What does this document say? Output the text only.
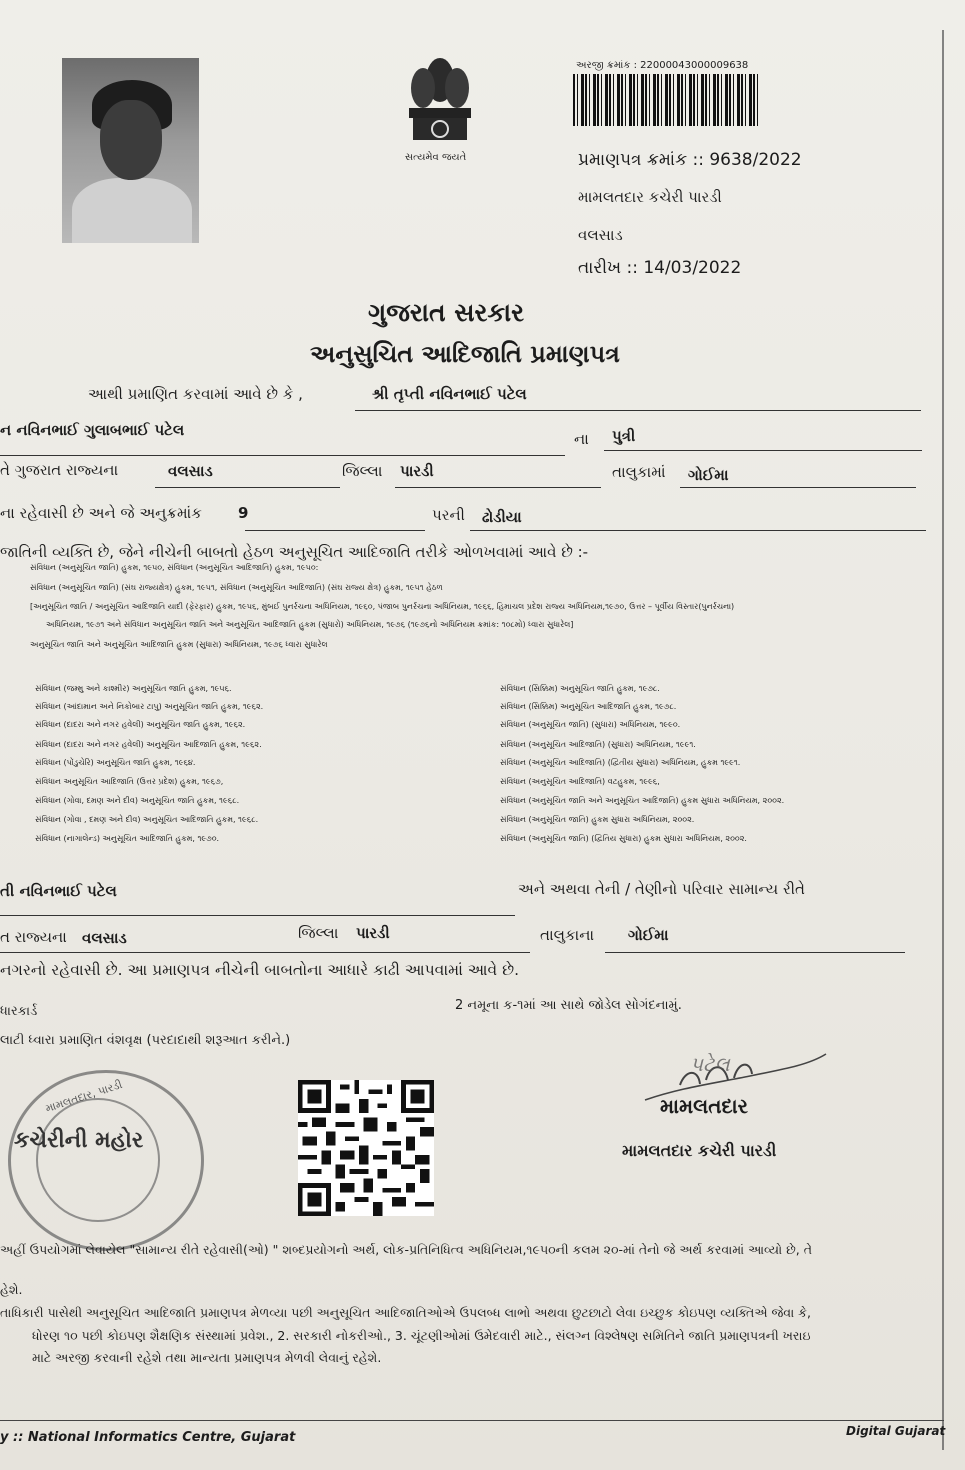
સત્યમેવ જયતે
અરજી ક્રમાંક : 22000043000009638
પ્રમાણપત્ર ક્રમાંક :: 9638/2022
મામલતદાર કચેરી પારડી
વલસાડ
તારીખ :: 14/03/2022
ગુજરાત સરકાર
અનુસુચિત આદિજાતિ પ્રમાણપત્ર
આથી પ્રમાણિત કરવામાં આવે છે કે ,	શ્રી તૃપ્તી નવિનભાઈ પટેલ
ન નવિનભાઈ ગુલાબભાઈ પટેલ	ના પુત્રી
તે ગુજરાત રાજ્યના	વલસાડ	જિલ્લા પારડી	તાલુકામાં ગોઈમા
ના રહેવાસી છે અને જે અનુક્રમાંક 9	પરની ઢોડીયા
જાતિની વ્યક્તિ છે, જેને નીચેની બાબતો હેઠળ અનુસૂચિત આદિજાતિ તરીકે ઓળખવામાં આવે છે :-
સંવિધાન (અનુસૂચિત જાતિ) હુકમ, ૧૯૫૦, સંવિધાન (અનુસૂચિત આદિજાતિ) હુકમ, ૧૯૫૦:
સંવિધાન (અનુસૂચિત જાતિ) (સંઘ રાજ્યક્ષેત્ર) હુકમ, ૧૯૫૧, સંવિધાન (અનુસૂચિત આદિજાતિ) (સંઘ રાજ્ય ક્ષેત્ર) હુકમ, ૧૯૫૧ હેઠળ
[અનુસૂચિત જાતિ / અનુસૂચિત આદિજાતિ યાદી (ફેરફાર) હુકમ, ૧૯૫૬, મુંબઈ પુનર્રચના અધિનિયમ, ૧૯૬૦, પંજાબ પુનર્રચના અધિનિયમ, ૧૯૬૬, હિમાચલ પ્રદેશ રાજ્ય અધિનિયમ,૧૯૭૦, ઉત્તર – પૂર્વીય વિસ્તાર(પુનર્રચના)
અધિનિયમ, ૧૯૭૧ અને સંવિધાન અનુસૂચિત જાતિ અને અનુસૂચિત આદિજાતિ હુકમ (સુધારો) અધિનિયમ, ૧૯૭૬ (૧૯૭૬નો અધિનિયમ ક્રમાંક: ૧૦૮મો) ધ્વારા સુધારેલ]
અનુસૂચિત જાતિ અને અનુસૂચિત આદિજાતિ હુકમ (સુધારા) અધિનિયમ, ૧૯૭૬ ધ્વારા સુધારેલ
સંવિધાન (જમ્મુ અને કાશ્મીર) અનુસૂચિત જાતિ હુકમ, ૧૯૫૬.
સંવિધાન (આંદામાન અને નિકોબાર ટાપુ) અનુસૂચિત જાતિ હુકમ, ૧૯૬૨.
સંવિધાન (દાદરા અને નગર હવેલી) અનુસૂચિત જાતિ હુકમ, ૧૯૬૨.
સંવિધાન (દાદરા અને નગર હવેલી) અનુસૂચિત આદિજાતિ હુકમ, ૧૯૬૨.
સંવિધાન (પોંડુચેરિ) અનુસૂચિત જાતિ હુકમ, ૧૯૬૪.
સંવિધાન અનુસૂચિત આદિજાતિ (ઉત્તર પ્રદેશ) હુકમ, ૧૯૬૭,
સંવિધાન (ગોવા, દમણ અને દીવ) અનુસૂચિત જાતિ હુકમ, ૧૯૬૮.
સંવિધાન (ગોવા , દમણ અને દીવ) અનુસૂચિત આદિજાતિ હુકમ, ૧૯૬૮.
સંવિધાન (નાગાલેન્ડ) અનુસૂચિત આદિજાતિ હુકમ, ૧૯૭૦.
સંવિધાન (સિક્કિમ) અનુસૂચિત જાતિ હુકમ, ૧૯૭૮.
સંવિધાન (સિક્કિમ) અનુસૂચિત આદિજાતિ હુકમ, ૧૯૭૮.
સંવિધાન (અનુસૂચિત જાતિ) (સુધારા) અધિનિયમ, ૧૯૯૦.
સંવિધાન (અનુસૂચિત આદિજાતિ) (સુધારા) અધિનિયમ, ૧૯૯૧.
સંવિધાન (અનુસૂચિત આદિજાતિ) (દ્વિતીય સુધારા) અધિનિયમ, હુકમ ૧૯૯૧.
સંવિધાન (અનુસૂચિત આદિજાતિ) વટહુકમ, ૧૯૯૬,
સંવિધાન (અનુસૂચિત જાતિ અને અનુસૂચિત આદિજાતિ) હુકમ સુધારા અધિનિયમ, ૨૦૦૨.
સંવિધાન (અનુસૂચિત જાતિ) હુકમ સુધારા અધિનિયમ, ૨૦૦૨.
સંવિધાન (અનુસૂચિત જાતિ) (દ્વિતિય સુધારા) હુકમ સુધારા અધિનિયમ, ૨૦૦૨.
તી નવિનભાઈ પટેલ	અને અથવા તેની / તેણીનો પરિવાર સામાન્ય રીતે
ત રાજ્યના વલસાડ	જિલ્લા પારડી	તાલુકાના ગોઈમા
નગરનો રહેવાસી છે. આ પ્રમાણપત્ર નીચેની બાબતોના આધારે કાઢી આપવામાં આવે છે.
ધારકાર્ડ	2 નમૂના ક-૧માં આ સાથે જોડેલ સોગંદનામું.
લાટી ધ્વારા પ્રમાણિત વંશવૃક્ષ (પરદાદાથી શરૂઆત કરીને.)
મામલતદાર, પારડી
કચેરીની મહોર
પટેલ
મામલતદાર
મામલતદાર કચેરી પારડી
અહીં ઉપયોગમાં લેવાયેલ "સામાન્ય રીતે રહેવાસી(ઓ) " શબ્દપ્રયોગનો અર્થ, લોક-પ્રતિનિધિત્વ અધિનિયમ,૧૯૫૦ની કલમ ૨૦-માં તેનો જે અર્થ કરવામાં આવ્યો છે, તે
હેશે.
તાધિકારી પાસેથી અનુસૂચિત આદિજાતિ પ્રમાણપત્ર મેળવ્યા પછી અનુસૂચિત આદિજાતિઓએ ઉપલબ્ધ લાભો અથવા છુટછાટો લેવા ઇચ્છુક કોઇપણ વ્યક્તિએ જેવા કે,
ધોરણ ૧૦ પછી કોઇપણ શૈક્ષણિક સંસ્થામાં પ્રવેશ., 2. સરકારી નોકરીઓ., 3. ચૂંટણીઓમાં ઉમેદવારી માટે., સંલગ્ન વિશ્લેષણ સમિતિને જાતિ પ્રમાણપત્રની ખરાઇ
માટે અરજી કરવાની રહેશે તથા માન્યતા પ્રમાણપત્ર મેળવી લેવાનું રહેશે.
y :: National Informatics Centre, Gujarat	Digital Gujarat
